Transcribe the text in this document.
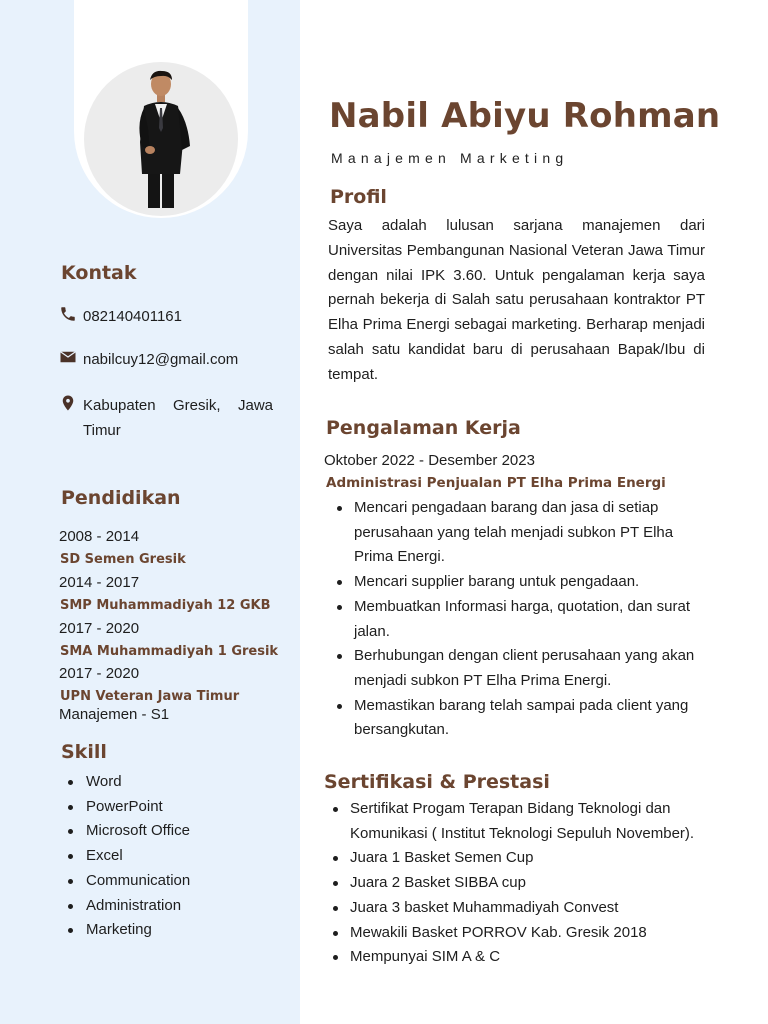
Kontak
082140401161
nabilcuy12@gmail.com
Kabupaten Gresik, Jawa Timur
Pendidikan
2008 - 2014
SD Semen Gresik
2014 - 2017
SMP Muhammadiyah 12 GKB
2017 - 2020
SMA Muhammadiyah 1 Gresik
2017 - 2020
UPN Veteran Jawa Timur
Manajemen - S1
Skill
Word
PowerPoint
Microsoft Office
Excel
Communication
Administration
Marketing
Nabil Abiyu Rohman
Manajemen Marketing
Profil

Saya adalah lulusan sarjana manajemen dari Universitas Pembangunan Nasional Veteran Jawa Timur dengan nilai IPK 3.60. Untuk pengalaman kerja saya pernah bekerja di Salah satu perusahaan kontraktor PT Elha Prima Energi sebagai marketing. Berharap menjadi salah satu kandidat baru di perusahaan Bapak/Ibu di tempat.

Pengalaman Kerja
Oktober 2022 - Desember 2023
Administrasi Penjualan PT Elha Prima Energi
Mencari pengadaan barang dan jasa di setiap perusahaan yang telah menjadi subkon PT Elha Prima Energi.
Mencari supplier barang untuk pengadaan.
Membuatkan Informasi harga, quotation, dan surat jalan.
Berhubungan dengan client perusahaan yang akan menjadi subkon PT Elha Prima Energi.
Memastikan barang telah sampai pada client yang bersangkutan.
Sertifikasi & Prestasi
Sertifikat Progam Terapan Bidang Teknologi dan Komunikasi ( Institut Teknologi Sepuluh November).
Juara 1 Basket Semen Cup
Juara 2 Basket SIBBA cup
Juara 3 basket Muhammadiyah Convest
Mewakili Basket PORROV Kab. Gresik 2018
Mempunyai SIM A & C
